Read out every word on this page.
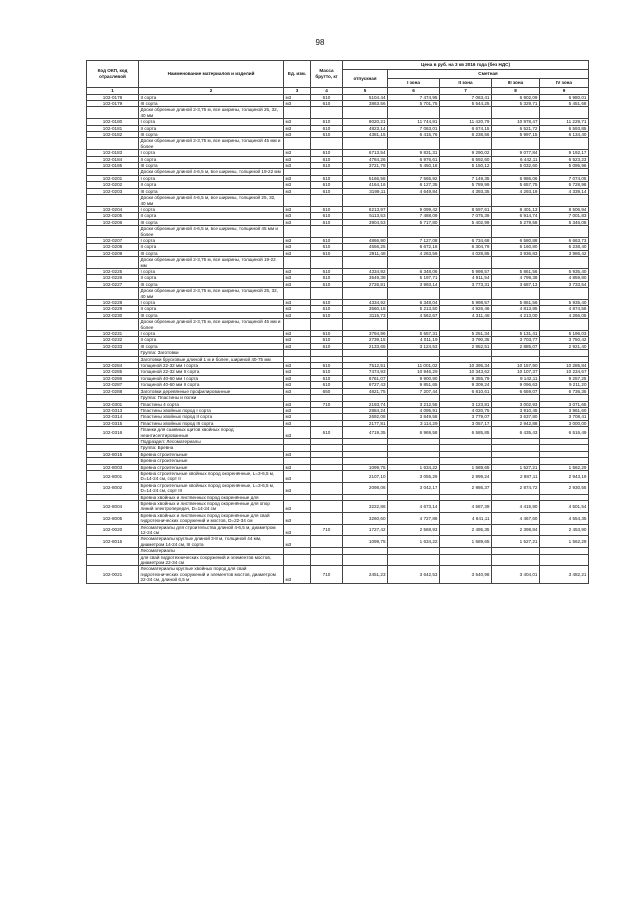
98
Код ОКП, код отраслевой	Наименование материалов и изделий	Ед. изм.	Масса брутто, кг	Цена в руб. на 3 кв 2016 года (без НДС)				
				отпускная	Сметная			
					I зона	II зона	III зона	IV зона
1	2	3	4	5	6	7	8	9
102-0178	II сорта	м3	610	5104.44	7 474,95	7 063,41	6 902,09	6 980,01
102-0179	III сорта	м3	610	3863.56	5 701,75	5 544,25	5 329,71	5 451,68
	Доски обрезные длиной 2-3,75 м, все ширины, толщиной 25, 32, 40 мм							
102-0180	I сорта	м3	610	8020,21	11 744,81	11 420,79	10 978,47	11 229,71
102-0181	II сорта	м3	610	4823,14	7 063,01	6 674,15	6 521,72	6 593,85
102-0182	III сорта	м3	610	4381,15	6 415,76	6 238,56	5 997,15	6 134,40
	Доски обрезные длиной 2-3,75 м, все ширины, толщиной 45 мм и более							
102-0183	I сорта	м3	610	6713,54	9 831,31	9 290,02	9 077,84	9 192,17
102-0184	II сорта	м3	610	4784,26	6 976,61	6 592,60	6 442,11	6 523,23
102-0185	III сорта	м3	610	3721,78	5 450,18	5 150,12	5 032,60	5 095,96
	Доски обрезные длиной 4-6,5 м, все ширины, толщиной 19-22 мм							
102-0201	I сорта	м3	610	5166,58	7 565,92	7 149,35	6 986,06	7 074,05
102-0202	II сорта	м3	610	4164,16	6 127,35	5 789,99	5 657,75	5 728,98
102-0203	III сорта	м3	610	3199,11	4 649,84	4 393,35	4 293,19	4 339,14
	Доски обрезные длиной 4-6,5 м, все ширины, толщиной 25, 32, 40 мм							
102-0204	I сорта	м3	610	6213,97	9 099,42	8 597,61	8 401,13	8 506,94
102-0205	II сорта	м3	610	5113,53	7 488,09	7 075,39	6 914,74	7 001,83
102-0206	III сорта	м3	610	3904,53	5 717,80	5 402,99	5 279,58	5 346,08
	Доски обрезные длиной 4-6,5 м, все ширины, толщиной 45 мм и более							
102-0207	I сорта	м3	610	4866,90	7 127,08	6 734,68	6 580,88	6 663,73
102-0208	II сорта	м3	610	4556,25	6 672,16	6 304,79	6 160,80	6 238,40
102-0209	III сорта	м3	610	2911,48	4 263,59	4 028,85	3 936,83	3 986,42
	Доски обрезные длиной 2-3,75 м, все ширины, толщиной 19-22 мм							
102-0225	I сорта	м3	610	4334,92	6 348,06	5 998,57	5 861,56	5 935,40
102-0226	II сорта	м3	610	3549,38	5 197,71	4 911,54	4 799,38	4 859,80
102-0227	III сорта	м3	610	2726,81	3 993,14	3 773,31	3 687,13	3 733,54
	Доски обрезные длиной 2-3,75 м, все ширины, толщиной 25, 32, 40 мм							
102-0228	I сорта	м3	610	4334,92	6 348,04	5 998,57	5 861,56	5 935,40
102-0229	II сорта	м3	610	3560,18	5 213,50	4 926,46	4 813,95	4 874,56
102-0230	III сорта	м3	610	3115,73	4 562,67	4 311,48	4 213,00	4 266,05
	Доски обрезные длиной 2-3,75 м, все ширины, толщиной 45 мм и более							
102-0231	I сорта	м3	610	3794,96	5 557,31	5 251,34	5 131,41	5 196,03
102-0232	II сорта	м3	610	2739,15	4 011,19	3 790,35	3 703,77	3 750,42
102-0233	III сорта	м3	610	2133,65	3 124,53	2 952,51	2 885,07	2 921,40
	Группа: Заготовки							
	Заготовки брусковые длиной 1 м и более, шириной 40-75 мм							
102-0284	толщиной 22-32 мм I сорта	м3	610	7512,51	11 001,02	10 395,34	10 157,90	10 285,84
102-0285	толщиной 22-32 мм II сорта	м3	610	7474,93	10 946,29	10 343,62	10 107,37	10 234,67
102-0286	толщиной 40-60 мм I сорта	м3	610	6761,07	9 900,90	9 355,79	9 142,11	9 257,25
102-0287	толщиной 40-60 мм II сорта	м3	610	6727,43	9 851,65	9 309,24	9 096,63	9 211,20
102-0288	Заготовки деревянные профилированные	м3	650	4821,75	7 207,44	6 810,61	6 659,07	6 736,35
	Группа: Пластины и полки							
102-0301	Пластины 4 сорта	м3	710	2193,74	3 212,55	3 123,81	3 002,93	3 071,65
102-0313	Пластины хвойных пород I сорта	м3		2884,24	4 095,91	4 020,75	3 910,45	3 961,60
102-0314	Пластины хвойных пород II сорта	м3		2692,08	3 849,58	3 779,07	3 637,80	3 708,41
102-0315	Пластины хвойных пород III сорта	м3		2177,81	3 114,29	3 057,17	2 942,88	3 000,00
102-0316	Планки для сшивных щитов хвойных пород неантисептированные	м3	610	4719,35	6 969,58	6 585,85	6 435,43	6 516,49
	Подраздел: Лесоматериалы							
	Группа: Бревна							
102-8015	Бревна строительные	м3						
	Бревна строительные							
102-8003	Бревна строительные	м3		1099,75	1 634,22	1 589,65	1 527,21	1 562,29
102-8001	Бревна строительные хвойных пород окоренённые, L=3-6,5 м, D=14-24 см, сорт II	м3		2107,10	3 055,29	2 999,24	2 887,11	2 943,19
102-8002	Бревна строительные хвойных пород окоренённые, L=3-6,5 м, D=14-24 см, сорт III	м3		2098,06	3 042,17	2 986,37	2 874,72	2 930,55
	Бревна хвойных и лиственных пород окоренённые для							
102-8004	Бревна хвойных и лиственных пород окоренённые для опор линий электропередач, D=14-24 см	м3		3222,86	4 673,14	4 587,39	4 415,90	4 501,54
102-8005	Бревна хвойных и лиственных пород окоренённые для свай гидротехнических сооружений и мостов, D=22-34 см	м3		3260,60	4 727,86	4 641,11	4 467,60	4 554,35
102-0020	Лесоматериалы для строительства длиной 4-6,5 м, диаметром 12-24 см	м3	710	1727,42	2 568,93	2 495,35	2 398,84	2 453,90
102-8015	Лесоматериалы круглые длиной 3-8 м, толщиной 44 мм, диаметром 14-24 см, III сорта	м3		1099,75	1 634,22	1 589,65	1 527,21	1 562,29
	Лесоматериалы							
	для свай гидротехнических сооружений и элементов мостов, диаметром 22-34 см							
102-0021	Лесоматериалы круглые хвойных пород для свай гидротехнических сооружений и элементов мостов, диаметром 22-34 см, длиной 6,5 м	м3	710	2451,23	3 642,53	3 540,98	3 404,01	3 482,21
